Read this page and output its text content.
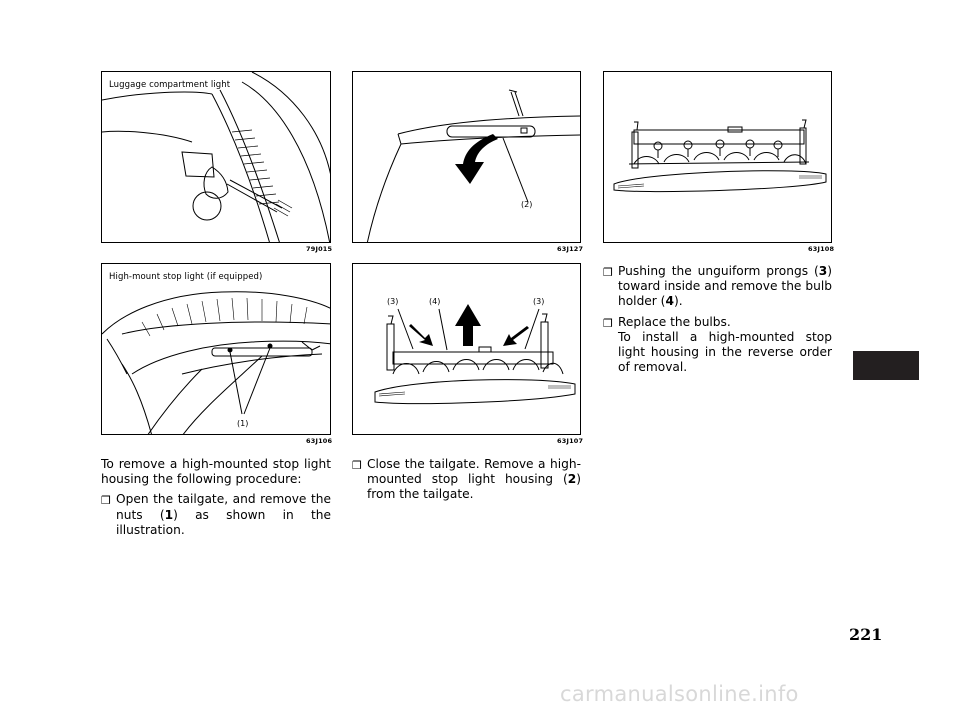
Luggage compartment light
79J015
(2)
63J127	63J108
High-mount stop light (if equipped)
(1)
63J106
(3)	(4)	(3)
63J107

To remove a high-mounted stop light housing the following procedure:

❒ Open the tailgate, and remove the nuts (1) as shown in the illustration.
❒ Close the tailgate. Remove a high-mounted stop light housing (2) from the tailgate.
❒ Pushing the unguiform prongs (3) toward inside and remove the bulb holder (4).
❒ Replace the bulbs.
To install a high-mounted stop light housing in the reverse order of removal.
221
carmanualsonline.info
